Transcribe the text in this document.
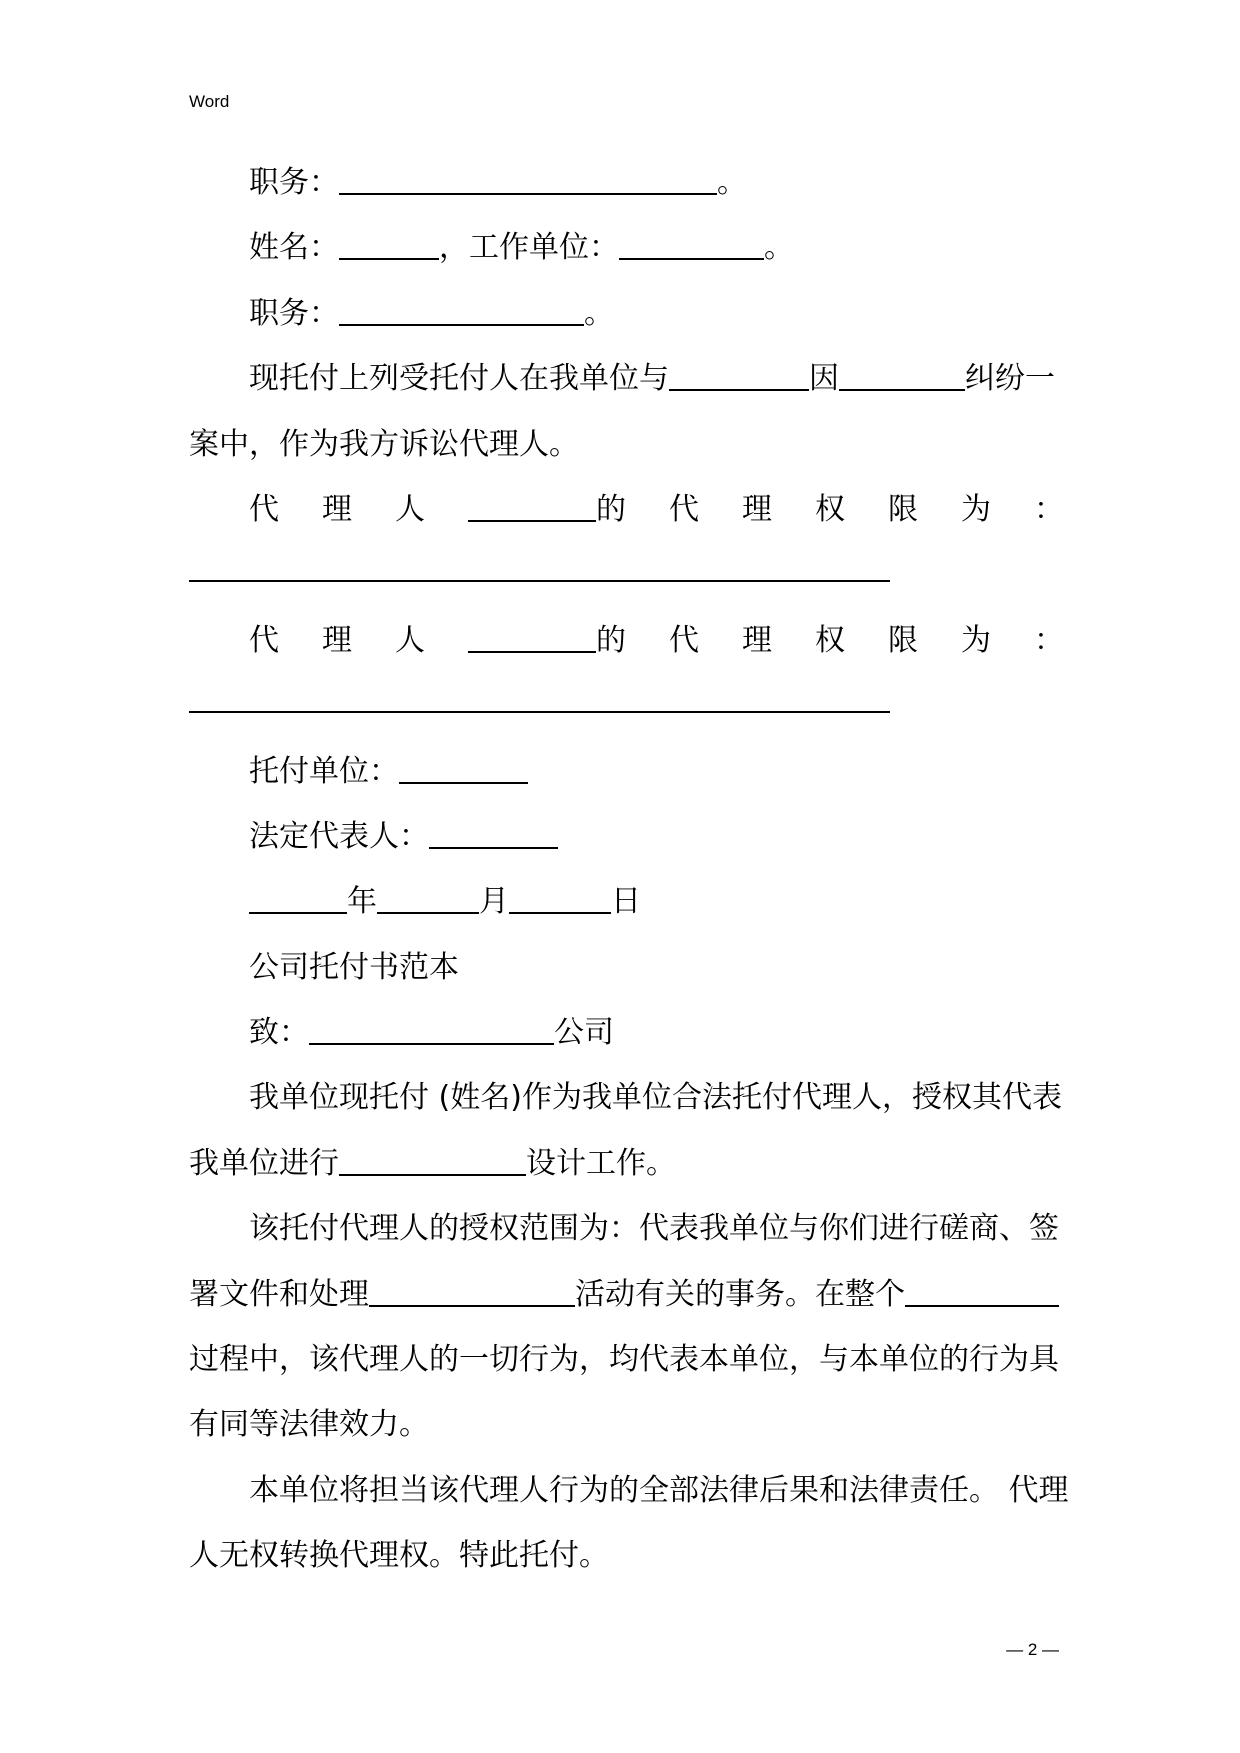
Word
职务：	。
姓名：	，工作单位：	。
职务：	。
现托付上列受托付人在我单位与	因	纠纷一
案中，作为我方诉讼代理人。
代理人	的代理权限为：
代理人	的代理权限为：
托付单位：
法定代表人：
年	月	日
公司托付书范本
致：	公司
我单位现托付 (姓名)作为我单位合法托付代理人，授权其代表
我单位进行	设计工作。
该托付代理人的授权范围为：代表我单位与你们进行磋商、签
署文件和处理	活动有关的事务。在整个
过程中，该代理人的一切行为，均代表本单位，与本单位的行为具
有同等法律效力。
本单位将担当该代理人行为的全部法律后果和法律责任。 代理
人无权转换代理权。特此托付。
— 2 —
